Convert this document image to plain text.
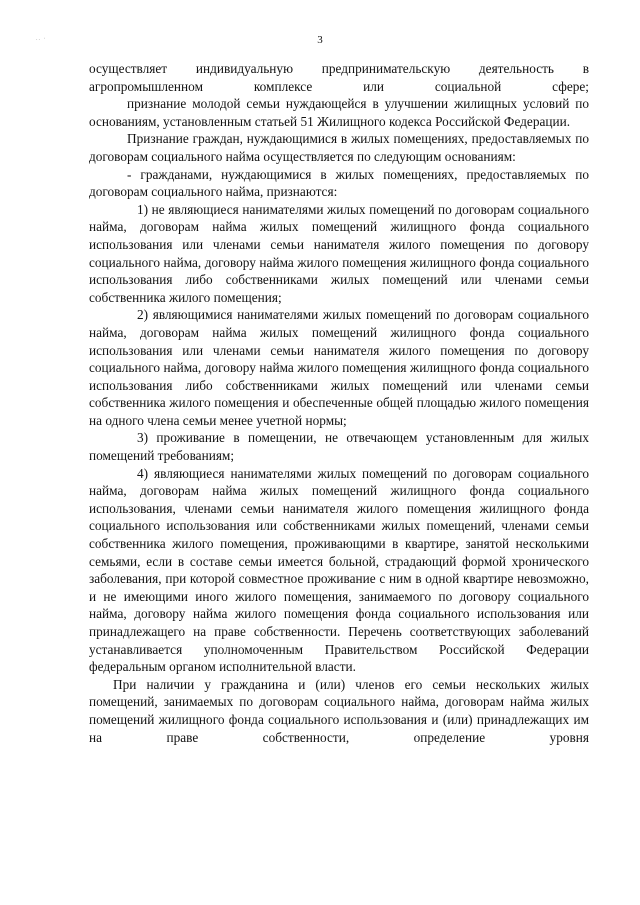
.. ·	3

осуществляет индивидуальную предпринимательскую деятельность в агропромышленном комплексе или социальной сфере;

признание молодой семьи нуждающейся в улучшении жилищных условий по основаниям, установленным статьей 51 Жилищного кодекса Российской Федерации.

Признание граждан, нуждающимися в жилых помещениях, предоставляемых по договорам социального найма осуществляется по следующим основаниям:

- гражданами, нуждающимися в жилых помещениях, предоставляемых по договорам социального найма, признаются:

1) не являющиеся нанимателями жилых помещений по договорам социального найма, договорам найма жилых помещений жилищного фонда социального использования или членами семьи нанимателя жилого помещения по договору социального найма, договору найма жилого помещения жилищного фонда социального использования либо собственниками жилых помещений или членами семьи собственника жилого помещения;

2) являющимися нанимателями жилых помещений по договорам социального найма, договорам найма жилых помещений жилищного фонда социального использования или членами семьи нанимателя жилого помещения по договору социального найма, договору найма жилого помещения жилищного фонда социального использования либо собственниками жилых помещений или членами семьи собственника жилого помещения и обеспеченные общей площадью жилого помещения на одного члена семьи менее учетной нормы;

3) проживание в помещении, не отвечающем установленным для жилых помещений требованиям;

4) являющиеся нанимателями жилых помещений по договорам социального найма, договорам найма жилых помещений жилищного фонда социального использования, членами семьи нанимателя жилого помещения жилищного фонда социального использования или собственниками жилых помещений, членами семьи собственника жилого помещения, проживающими в квартире, занятой несколькими семьями, если в составе семьи имеется больной, страдающий формой хронического заболевания, при которой совместное проживание с ним в одной квартире невозможно, и не имеющими иного жилого помещения, занимаемого по договору социального найма, договору найма жилого помещения фонда социального использования или принадлежащего на праве собственности. Перечень соответствующих заболеваний устанавливается уполномоченным Правительством Российской Федерации федеральным органом исполнительной власти.

При наличии у гражданина и (или) членов его семьи нескольких жилых помещений, занимаемых по договорам социального найма, договорам найма жилых помещений жилищного фонда социального использования и (или) принадлежащих им на праве собственности, определение уровня
